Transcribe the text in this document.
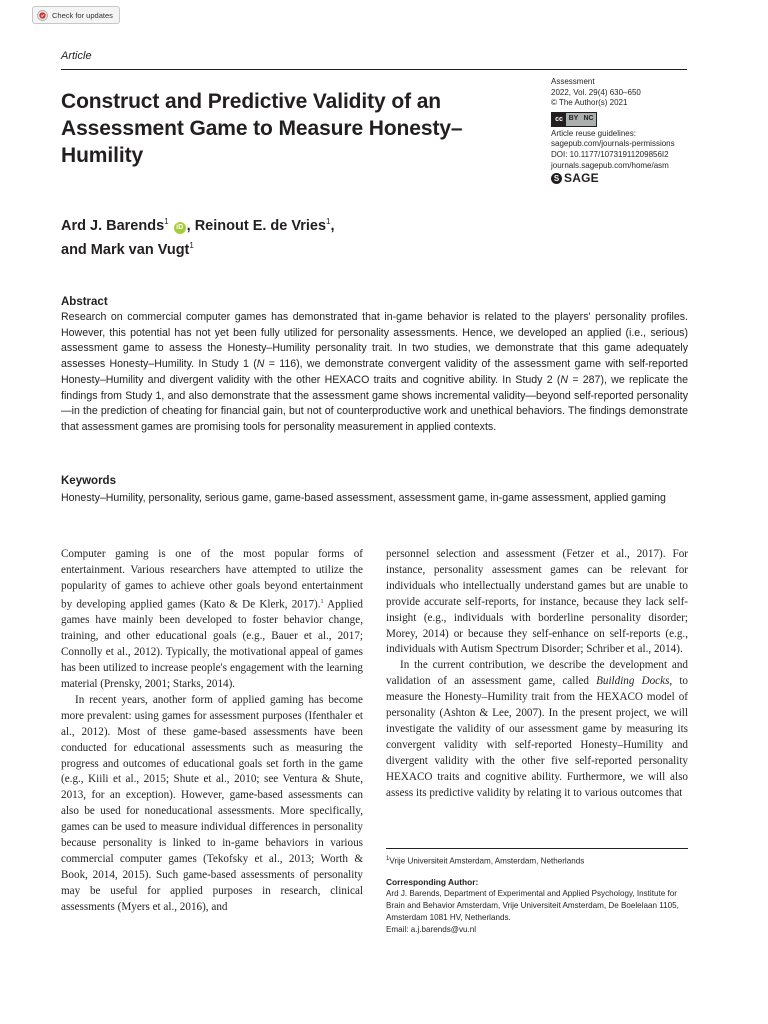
Check for updates
Article
Construct and Predictive Validity of an Assessment Game to Measure Honesty–Humility
Assessment
2022, Vol. 29(4) 630–650
© The Author(s) 2021
cc BY NC
Article reuse guidelines:
sagepub.com/journals-permissions
DOI: 10.1177/10731911209856I2
journals.sagepub.com/home/asm
S SAGE
Ard J. Barends$^1$ iD , Reinout E. de Vries$^1$,
and Mark van Vugt$^1$
Abstract

Research on commercial computer games has demonstrated that in-game behavior is related to the players' personality profiles. However, this potential has not yet been fully utilized for personality assessments. Hence, we developed an applied (i.e., serious) assessment game to assess the Honesty–Humility personality trait. In two studies, we demonstrate that this game adequately assesses Honesty–Humility. In Study 1 (N = 116), we demonstrate convergent validity of the assessment game with self-reported Honesty–Humility and divergent validity with the other HEXACO traits and cognitive ability. In Study 2 (N = 287), we replicate the findings from Study 1, and also demonstrate that the assessment game shows incremental validity—beyond self-reported personality—in the prediction of cheating for financial gain, but not of counterproductive work and unethical behaviors. The findings demonstrate that assessment games are promising tools for personality measurement in applied contexts.

Keywords

Honesty–Humility, personality, serious game, game-based assessment, assessment game, in-game assessment, applied gaming

Computer gaming is one of the most popular forms of entertainment. Various researchers have attempted to utilize the popularity of games to achieve other goals beyond entertainment by developing applied games (Kato & De Klerk, 2017).$^1$ Applied games have mainly been developed to foster behavior change, training, and other educational goals (e.g., Bauer et al., 2017; Connolly et al., 2012). Typically, the motivational appeal of games has been utilized to increase people's engagement with the learning material (Prensky, 2001; Starks, 2014).

In recent years, another form of applied gaming has become more prevalent: using games for assessment purposes (Ifenthaler et al., 2012). Most of these game-based assessments have been conducted for educational assessments such as measuring the progress and outcomes of educational goals set forth in the game (e.g., Kiili et al., 2015; Shute et al., 2010; see Ventura & Shute, 2013, for an exception). However, game-based assessments can also be used for noneducational assessments. More specifically, games can be used to measure individual differences in personality because personality is linked to in-game behaviors in various commercial computer games (Tekofsky et al., 2013; Worth & Book, 2014, 2015). Such game-based assessments of personality may be useful for applied purposes in research, clinical assessments (Myers et al., 2016), and

personnel selection and assessment (Fetzer et al., 2017). For instance, personality assessment games can be relevant for individuals who intellectually understand games but are unable to provide accurate self-reports, for instance, because they lack self-insight (e.g., individuals with borderline personality disorder; Morey, 2014) or because they self-enhance on self-reports (e.g., individuals with Autism Spectrum Disorder; Schriber et al., 2014).

In the current contribution, we describe the development and validation of an assessment game, called Building Docks, to measure the Honesty–Humility trait from the HEXACO model of personality (Ashton & Lee, 2007). In the present project, we will investigate the validity of our assessment game by measuring its convergent validity with self-reported Honesty–Humility and divergent validity with the other five self-reported personality HEXACO traits and cognitive ability. Furthermore, we will also assess its predictive validity by relating it to various outcomes that

$^1$Vrije Universiteit Amsterdam, Amsterdam, Netherlands
Corresponding Author:
Ard J. Barends, Department of Experimental and Applied Psychology, Institute for Brain and Behavior Amsterdam, Vrije Universiteit Amsterdam, De Boelelaan 1105, Amsterdam 1081 HV, Netherlands.
Email: a.j.barends@vu.nl
